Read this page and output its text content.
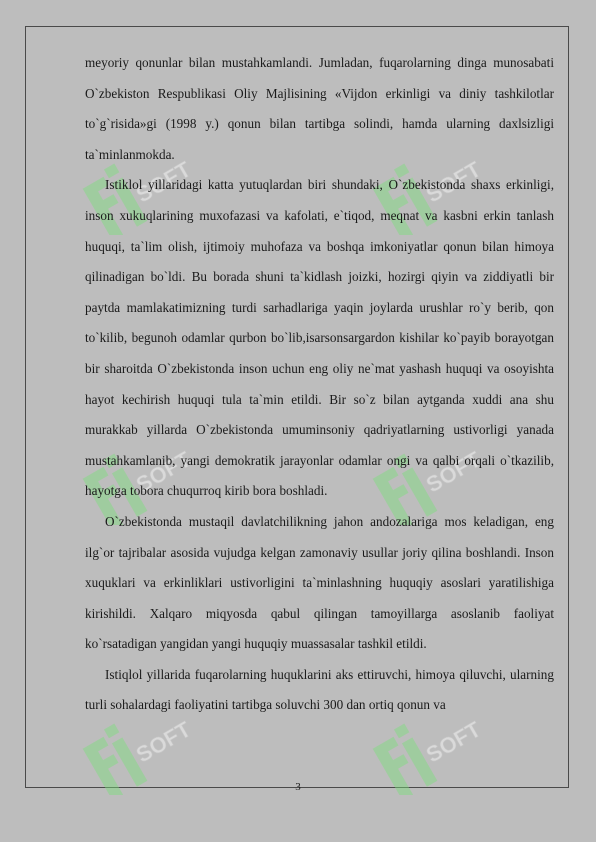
SOFT	SOFT
SOFT	SOFT
SOFT	SOFT

meyoriy qonunlar bilan mustahkamlandi. Jumladan, fuqarolarning dinga munosabati O`zbekiston Respublikasi Oliy Majlisining «Vijdon erkinligi va diniy tashkilotlar to`g`risida»gi (1998 y.) qonun bilan tartibga solindi, hamda ularning daxlsizligi ta`minlanmokda.

Istiklol yillaridagi katta yutuqlardan biri shundaki, O`zbekistonda shaxs erkinligi, inson xukuqlarining muxofazasi va kafolati, e`tiqod, meqnat va kasbni erkin tanlash huquqi, ta`lim olish, ijtimoiy muhofaza va boshqa imkoniyatlar qonun bilan himoya qilinadigan bo`ldi. Bu borada shuni ta`kidlash joizki, hozirgi qiyin va ziddiyatli bir paytda mamlakatimizning turdi sarhadlariga yaqin joylarda urushlar ro`y berib, qon to`kilib, begunoh odamlar qurbon bo`lib,isarsonsargardon kishilar ko`payib borayotgan bir sharoitda O`zbekistonda inson uchun eng oliy ne`mat yashash huquqi va osoyishta hayot kechirish huquqi tula ta`min etildi. Bir so`z bilan aytganda xuddi ana shu murakkab yillarda O`zbekistonda umuminsoniy qadriyatlarning ustivorligi yanada mustahkamlanib, yangi demokratik jarayonlar odamlar ongi va qalbi orqali o`tkazilib, hayotga tobora chuqurroq kirib bora boshladi.

O`zbekistonda mustaqil davlatchilikning jahon andozalariga mos keladigan, eng ilg`or tajribalar asosida vujudga kelgan zamonaviy usullar joriy qilina boshlandi. Inson xuquklari va erkinliklari ustivorligini ta`minlashning huquqiy asoslari yaratilishiga kirishildi. Xalqaro miqyosda qabul qilingan tamoyillarga asoslanib faoliyat ko`rsatadigan yangidan yangi huquqiy muassasalar tashkil etildi.

Istiqlol yillarida fuqarolarning huquklarini aks ettiruvchi, himoya qiluvchi, ularning turli sohalardagi faoliyatini tartibga soluvchi 300 dan ortiq qonun va

3
